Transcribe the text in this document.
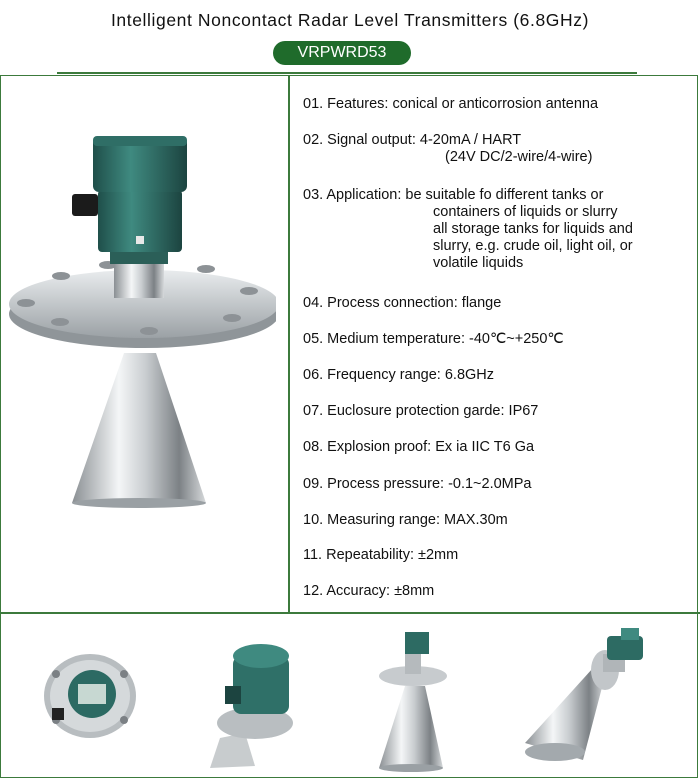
Intelligent Noncontact Radar Level Transmitters (6.8GHz)
VRPWRD53
01. Features: conical or anticorrosion antenna
02. Signal output: 4-20mA / HART
(24V DC/2-wire/4-wire)
03. Application: be suitable fo different tanks or
containers of liquids or slurry
all storage tanks for liquids and
slurry, e.g. crude oil, light oil, or
volatile liquids
04. Process connection: flange
05. Medium temperature: -40℃~+250℃
06. Frequency range: 6.8GHz
07. Euclosure protection garde: IP67
08. Explosion proof: Ex ia IIC T6 Ga
09. Process pressure: -0.1~2.0MPa
10. Measuring range: MAX.30m
11. Repeatability: ±2mm
12. Accuracy: ±8mm
